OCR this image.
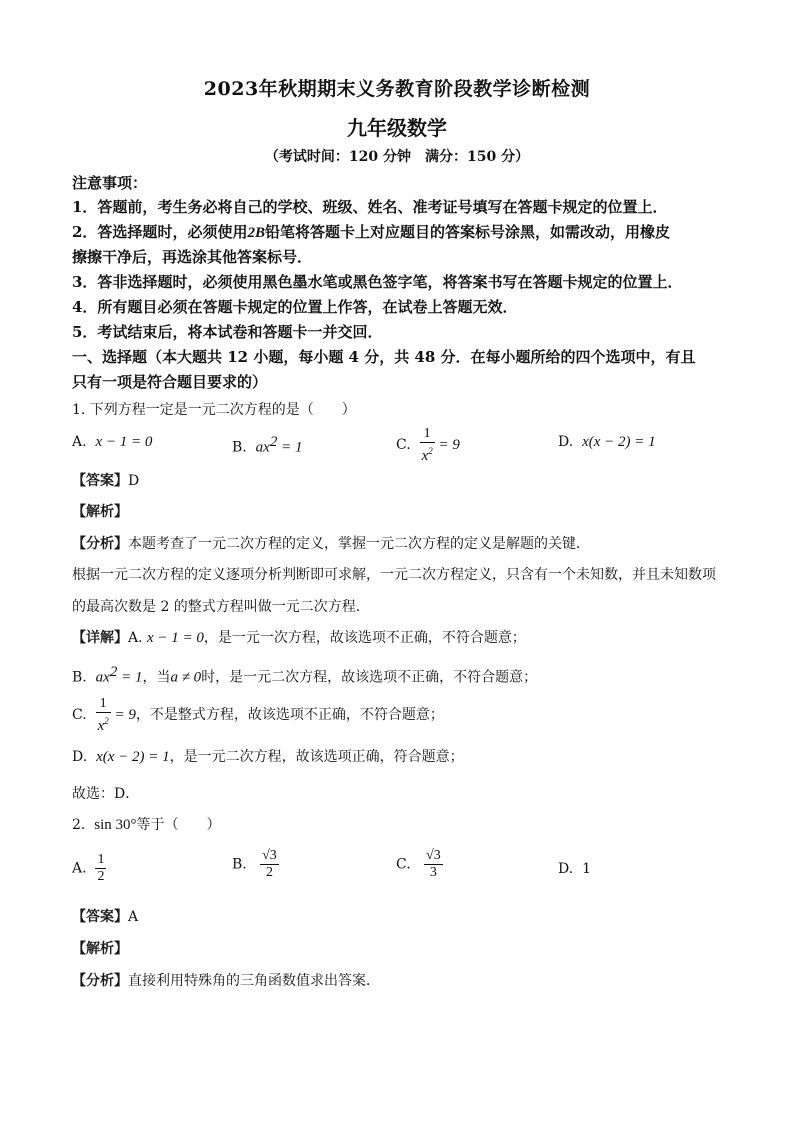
2023年秋期期末义务教育阶段教学诊断检测
九年级数学
（考试时间：120 分钟　满分：150 分）
注意事项：
1．答题前，考生务必将自己的学校、班级、姓名、准考证号填写在答题卡规定的位置上．
2．答选择题时，必须使用2B铅笔将答题卡上对应题目的答案标号涂黑，如需改动，用橡皮
擦擦干净后，再选涂其他答案标号．
3．答非选择题时，必须使用黑色墨水笔或黑色签字笔，将答案书写在答题卡规定的位置上．
4．所有题目必须在答题卡规定的位置上作答，在试卷上答题无效．
5．考试结束后，将本试卷和答题卡一并交回．
一、选择题（本大题共 12 小题，每小题 4 分，共 48 分．在每小题所给的四个选项中，有且
只有一项是符合题目要求的）
1. 下列方程一定是一元二次方程的是（　　）
A. x − 1 = 0	B. $ax^2 = 1$	C. $\frac{1}{x^2} = 9$	D. x(x − 2) = 1
【答案】D
【解析】
【分析】本题考查了一元二次方程的定义，掌握一元二次方程的定义是解题的关键．
根据一元二次方程的定义逐项分析判断即可求解，一元二次方程定义，只含有一个未知数，并且未知数项
的最高次数是 2 的整式方程叫做一元二次方程．
【详解】A. x − 1 = 0，是一元一次方程，故该选项不正确，不符合题意；
B. $ax^2 = 1$，当a ≠ 0时，是一元二次方程，故该选项不正确，不符合题意；
C. $\frac{1}{x^2} = 9$，不是整式方程，故该选项不正确，不符合题意；
D. x(x − 2) = 1，是一元二次方程，故该选项正确，符合题意；
故选：D．
2. sin 30°等于（　　）
A. $\frac{1}{2}$	B. $\frac{√3}{2}$	C. $\frac{√3}{3}$	D. 1
【答案】A
【解析】
【分析】直接利用特殊角的三角函数值求出答案．
